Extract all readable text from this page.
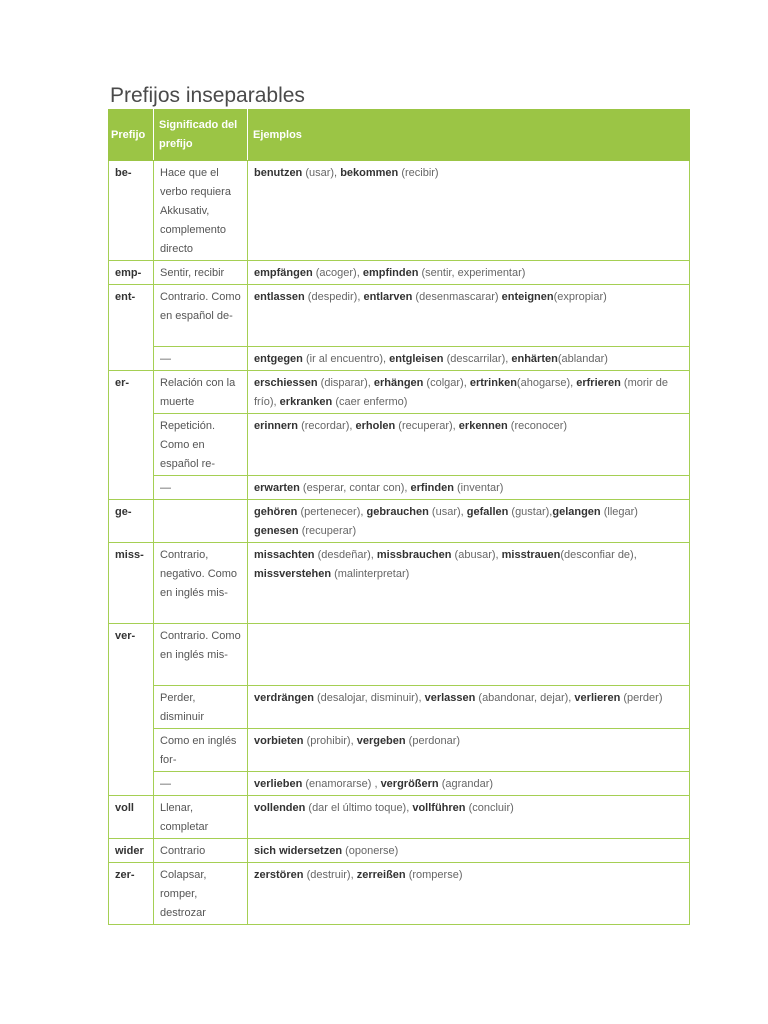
Prefijos inseparables
Prefijo	Significado del prefijo	Ejemplos
be-	Hace que el verbo requiera Akkusativ, complemento directo	benutzen (usar), bekommen (recibir)
emp-	Sentir, recibir	empfängen (acoger), empfinden (sentir, experimentar)
ent-	Contrario. Como en español de-	entlassen (despedir), entlarven (desenmascarar) enteignen(expropiar)
	—	entgegen (ir al encuentro), entgleisen (descarrilar), enhärten(ablandar)
er-	Relación con la muerte	erschiessen (disparar), erhängen (colgar), ertrinken(ahogarse), erfrieren (morir de frío), erkranken (caer enfermo)
	Repetición. Como en español re-	erinnern (recordar), erholen (recuperar), erkennen (reconocer)
	—	erwarten (esperar, contar con), erfinden (inventar)
ge-		gehören (pertenecer), gebrauchen (usar), gefallen (gustar),gelangen (llegar) genesen (recuperar)
miss-	Contrario, negativo. Como en inglés mis-	missachten (desdeñar), missbrauchen (abusar), misstrauen(desconfiar de), missverstehen (malinterpretar)
ver-	Contrario. Como en inglés mis-	
	Perder, disminuir	verdrängen (desalojar, disminuir), verlassen (abandonar, dejar), verlieren (perder)
	Como en inglés for-	vorbieten (prohibir), vergeben (perdonar)
	—	verlieben (enamorarse) , vergrößern (agrandar)
voll	Llenar, completar	vollenden (dar el último toque), vollführen (concluir)
wider	Contrario	sich widersetzen (oponerse)
zer-	Colapsar, romper, destrozar	zerstören (destruir), zerreißen (romperse)
